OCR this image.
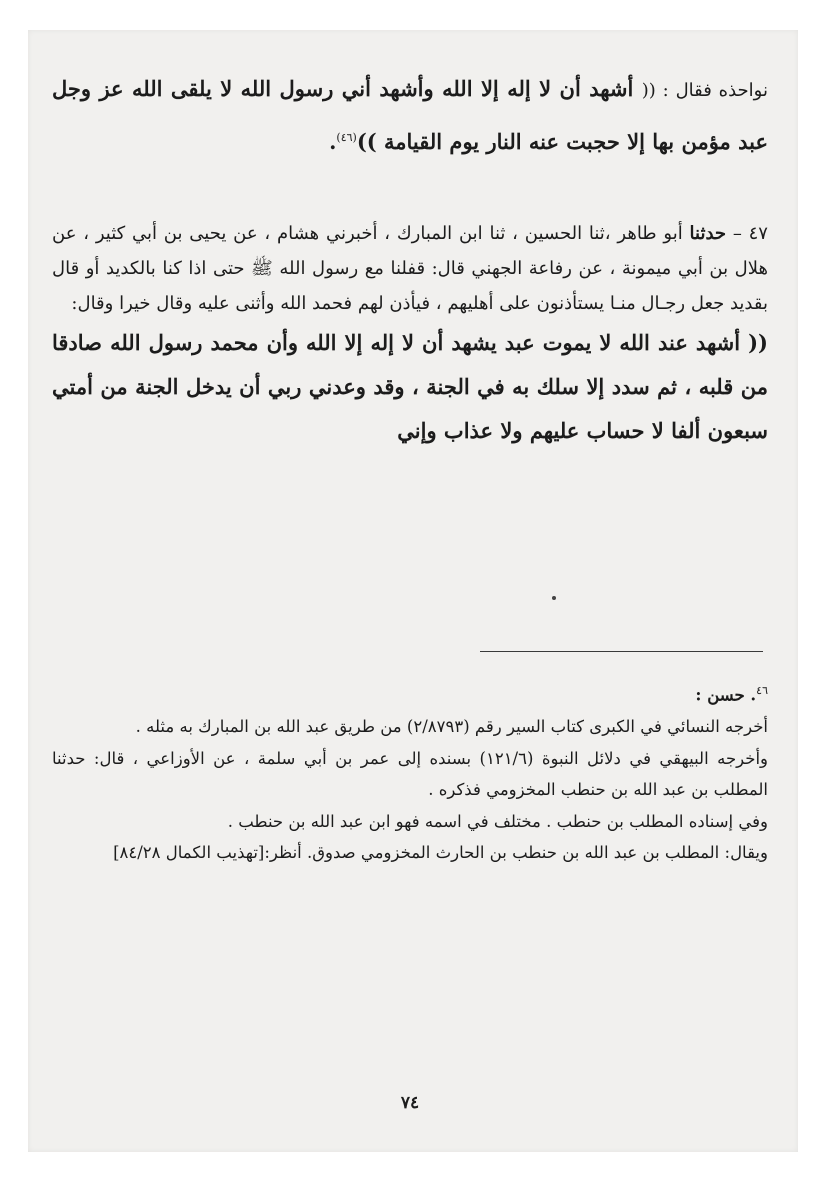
نواحذه فقال : (( أشهد أن لا إله إلا الله وأشهد أني رسول الله لا يلقى الله عز وجل عبد مؤمن بها إلا حجبت عنه النار يوم القيامة ))$^{(٤٦)}$.

٤٧ – حدثنا أبو طاهر ،ثنا الحسين ، ثنا ابن المبارك ، أخبرني هشام ، عن يحيى بن أبي كثير ، عن هلال بن أبي ميمونة ، عن رفاعة الجهني قال: قفلنا مع رسول الله ﷺ حتى اذا كنا بالكديد أو قال بقديد جعل رجـال منـا يستأذنون على أهليهم ، فيأذن لهم فحمد الله وأثنى عليه وقال خيرا وقال:

(( أشهد عند الله لا يموت عبد يشهد أن لا إله إلا الله وأن محمد رسول الله صادقا من قلبه ، ثم سدد إلا سلك به في الجنة ، وقد وعدني ربي أن يدخل الجنة من أمتي سبعون ألفا لا حساب عليهم ولا عذاب وإني

$^{٤٦}$. حسن :

أخرجه النسائي في الكبرى كتاب السير رقم (٢/٨٧٩٣) من طريق عبد الله بن المبارك به مثله .

وأخرجه البيهقي في دلائل النبوة (١٢١/٦) بسنده إلى عمر بن أبي سلمة ، عن الأوزاعي ، قال: حدثنا المطلب بن عبد الله بن حنطب المخزومي فذكره .

وفي إسناده المطلب بن حنطب . مختلف في اسمه فهو ابن عبد الله بن حنطب .

ويقال: المطلب بن عبد الله بن حنطب بن الحارث المخزومي صدوق. أنظر:[تهذيب الكمال ٨٤/٢٨]

٧٤
